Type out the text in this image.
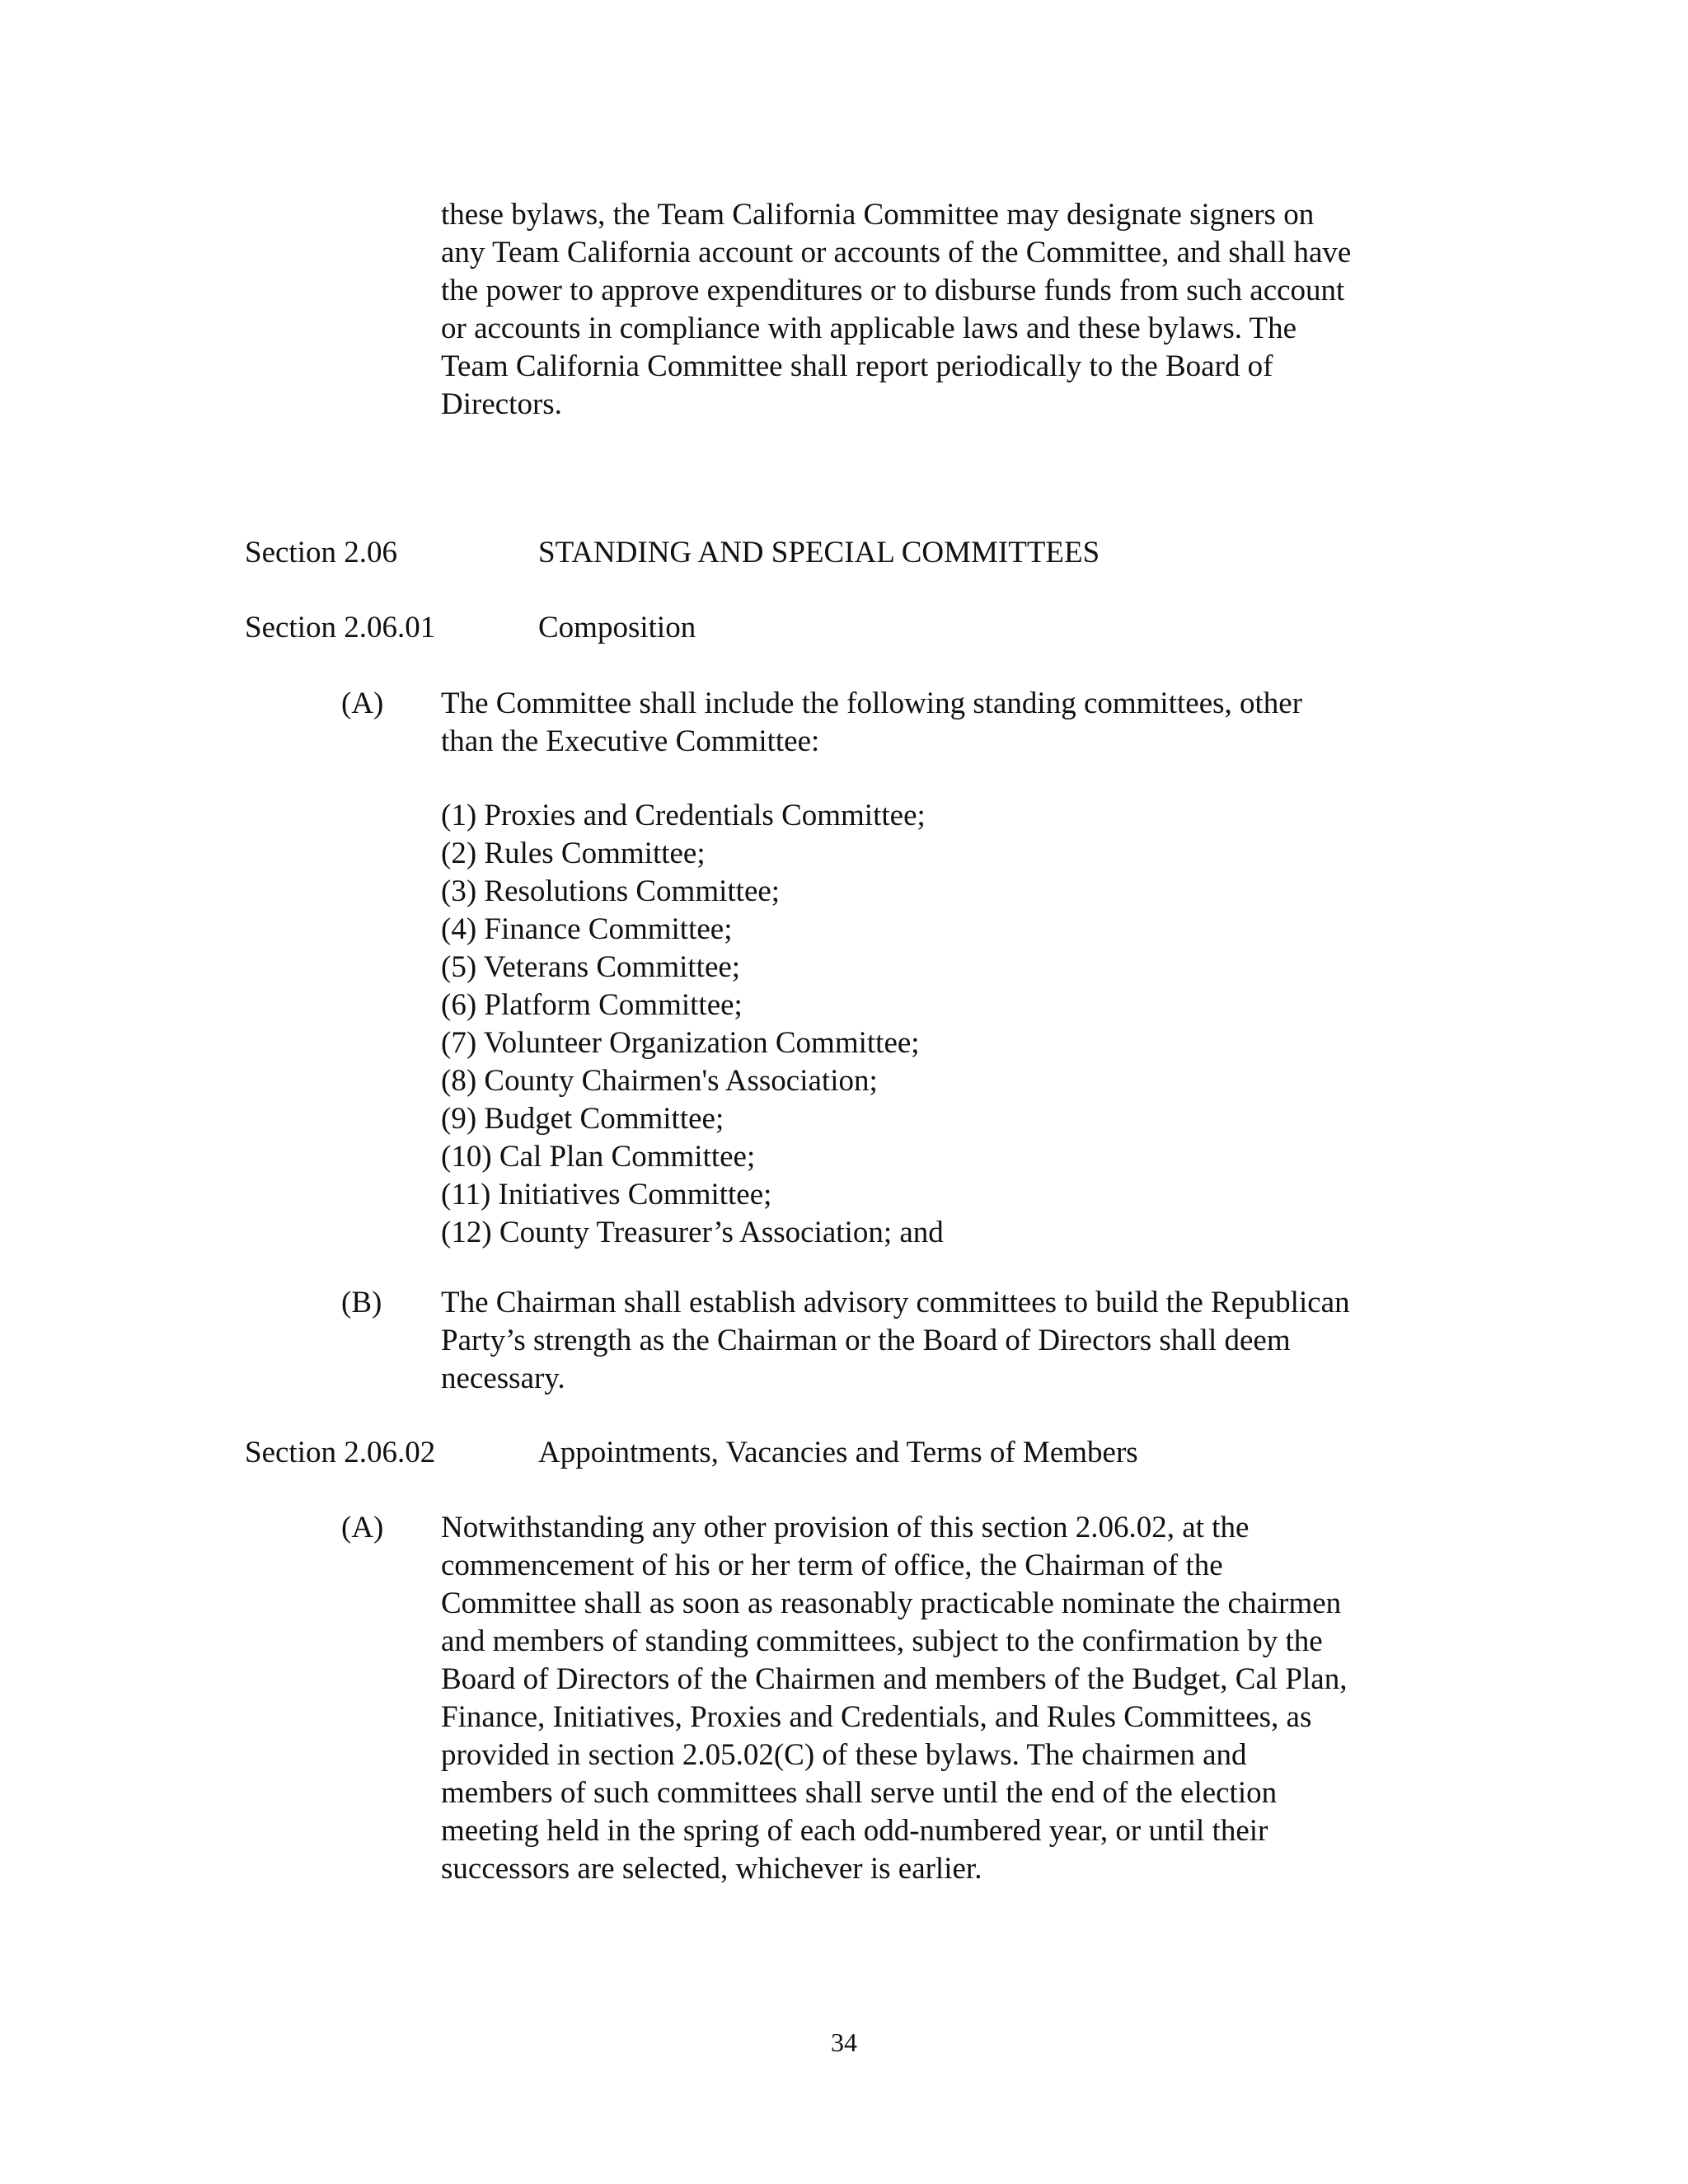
these bylaws, the Team California Committee may designate signers on
any Team California account or accounts of the Committee, and shall have
the power to approve expenditures or to disburse funds from such account
or accounts in compliance with applicable laws and these bylaws. The
Team California Committee shall report periodically to the Board of
Directors.
Section 2.06	STANDING AND SPECIAL COMMITTEES
Section 2.06.01	Composition
(A) The Committee shall include the following standing committees, other
than the Executive Committee:
(1) Proxies and Credentials Committee;
(2) Rules Committee;
(3) Resolutions Committee;
(4) Finance Committee;
(5) Veterans Committee;
(6) Platform Committee;
(7) Volunteer Organization Committee;
(8) County Chairmen's Association;
(9) Budget Committee;
(10) Cal Plan Committee;
(11) Initiatives Committee;
(12) County Treasurer’s Association; and
(B) The Chairman shall establish advisory committees to build the Republican
Party’s strength as the Chairman or the Board of Directors shall deem
necessary.
Section 2.06.02	Appointments, Vacancies and Terms of Members
(A) Notwithstanding any other provision of this section 2.06.02, at the
commencement of his or her term of office, the Chairman of the
Committee shall as soon as reasonably practicable nominate the chairmen
and members of standing committees, subject to the confirmation by the
Board of Directors of the Chairmen and members of the Budget, Cal Plan,
Finance, Initiatives, Proxies and Credentials, and Rules Committees, as
provided in section 2.05.02(C) of these bylaws. The chairmen and
members of such committees shall serve until the end of the election
meeting held in the spring of each odd-numbered year, or until their
successors are selected, whichever is earlier.
34
